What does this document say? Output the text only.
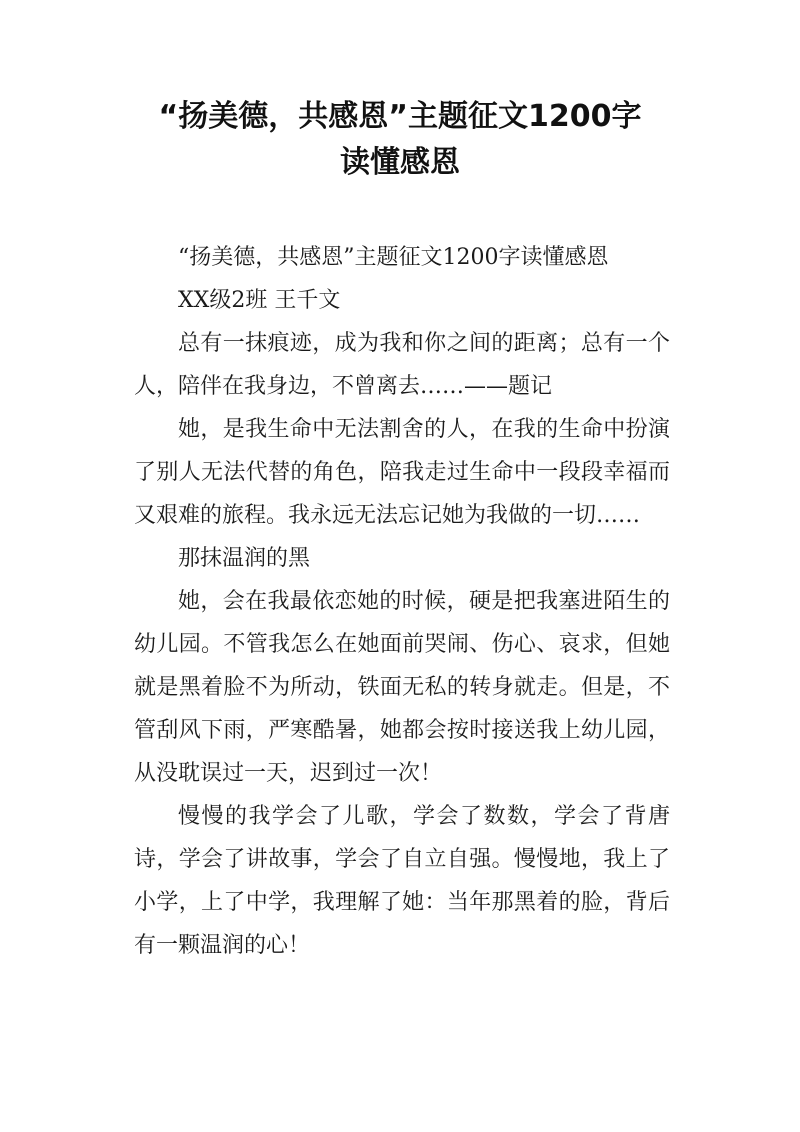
“扬美德，共感恩”主题征文1200字
读懂感恩

“扬美德，共感恩”主题征文1200字读懂感恩

XX级2班 王千文

总有一抹痕迹，成为我和你之间的距离；总有一个人，陪伴在我身边，不曾离去……——题记

她，是我生命中无法割舍的人，在我的生命中扮演了别人无法代替的角色，陪我走过生命中一段段幸福而又艰难的旅程。我永远无法忘记她为我做的一切……

那抹温润的黑

她，会在我最依恋她的时候，硬是把我塞进陌生的幼儿园。不管我怎么在她面前哭闹、伤心、哀求，但她就是黑着脸不为所动，铁面无私的转身就走。但是，不管刮风下雨，严寒酷暑，她都会按时接送我上幼儿园，从没耽误过一天，迟到过一次！

慢慢的我学会了儿歌，学会了数数，学会了背唐诗，学会了讲故事，学会了自立自强。慢慢地，我上了小学，上了中学，我理解了她：当年那黑着的脸，背后有一颗温润的心！
